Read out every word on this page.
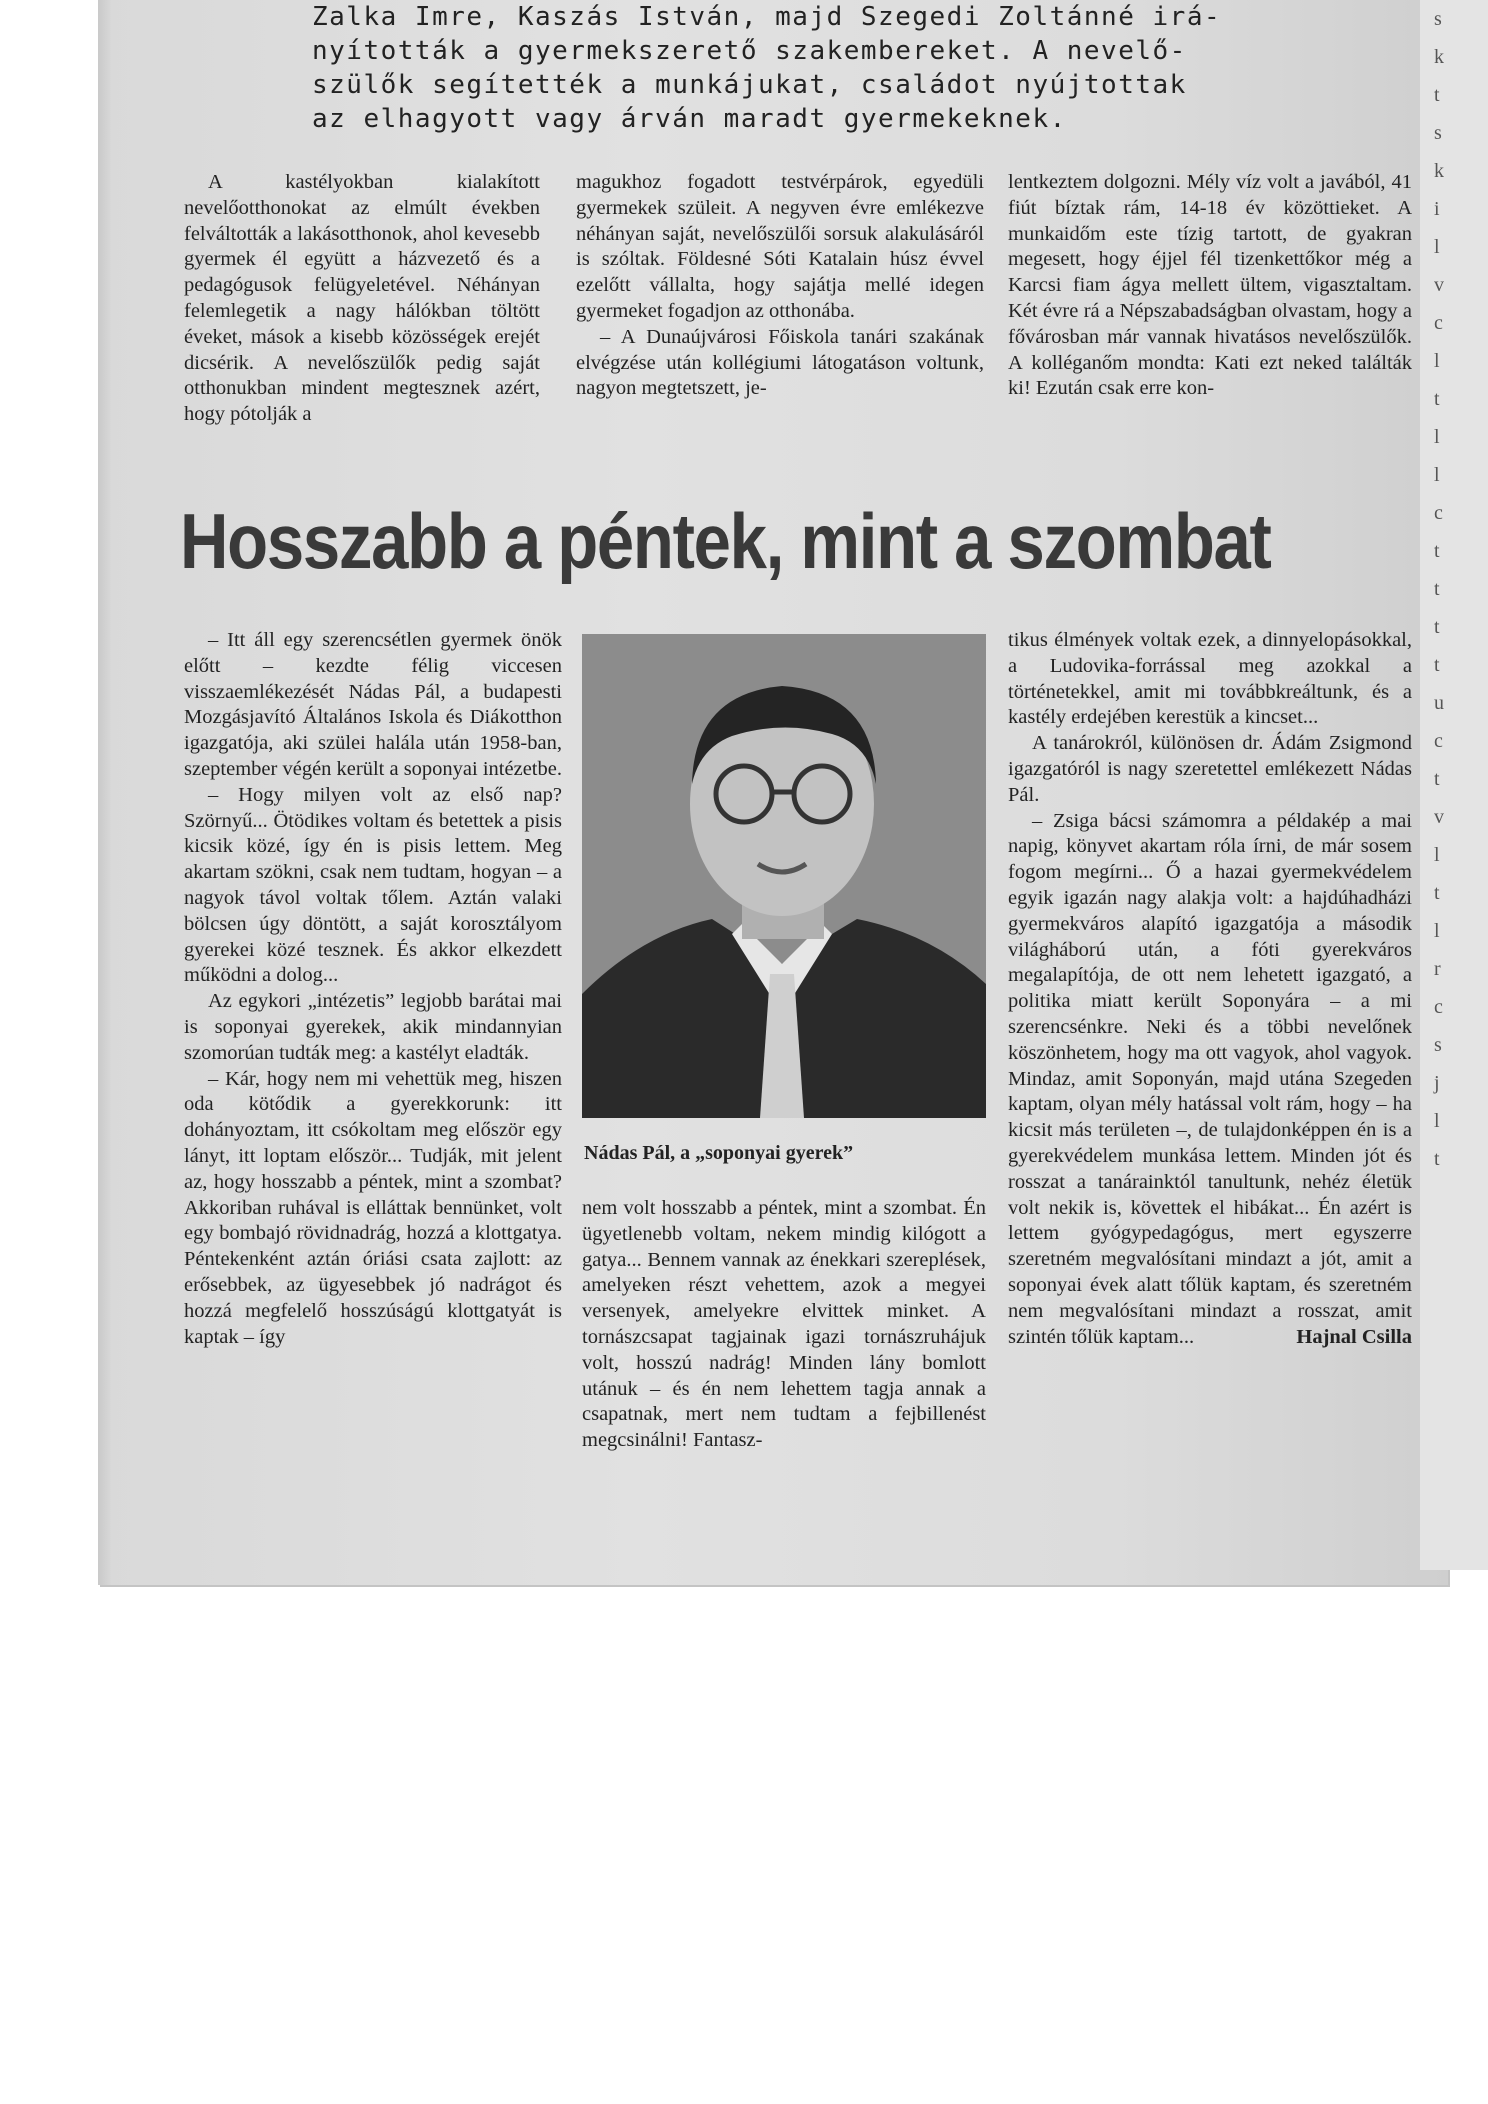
s
k
t
s
k
i
l
v
c
l
t
l
l
c
t
t
t
t
u
c
t
v
l
t
l
r
c
s
j
l
t
Zalka Imre, Kaszás István, majd Szegedi Zoltánné irá-
nyították a gyermekszerető szakembereket. A nevelő-
szülők segítették a munkájukat, családot nyújtottak
az elhagyott vagy árván maradt gyermekeknek.

A kastélyokban kialakított nevelőotthonokat az elmúlt években felváltották a lakásotthonok, ahol kevesebb gyermek él együtt a házvezető és a pedagógusok felügyeletével. Néhányan felemlegetik a nagy hálókban töltött éveket, mások a kisebb közösségek erejét dicsérik. A nevelőszülők pedig saját otthonukban mindent megtesznek azért, hogy pótolják a

magukhoz fogadott testvérpárok, egyedüli gyermekek szüleit. A negyven évre emlékezve néhányan saját, nevelőszülői sorsuk alakulásáról is szóltak. Földesné Sóti Katalain húsz évvel ezelőtt vállalta, hogy sajátja mellé idegen gyermeket fogadjon az otthonába.

– A Dunaújvárosi Főiskola tanári szakának elvégzése után kollégiumi látogatáson voltunk, nagyon megtetszett, je-

lentkeztem dolgozni. Mély víz volt a javából, 41 fiút bíztak rám, 14-18 év közöttieket. A munkaidőm este tízig tartott, de gyakran megesett, hogy éjjel fél tizenkettőkor még a Karcsi fiam ágya mellett ültem, vigasztaltam. Két évre rá a Népszabadságban olvastam, hogy a fővárosban már vannak hivatásos nevelőszülők. A kolléganőm mondta: Kati ezt neked találták ki! Ezután csak erre kon-

Hosszabb a péntek, mint a szombat

– Itt áll egy szerencsétlen gyermek önök előtt – kezdte félig viccesen visszaemlékezését Nádas Pál, a budapesti Mozgásjavító Általános Iskola és Diákotthon igazgatója, aki szülei halála után 1958-ban, szeptember végén került a soponyai intézetbe.

– Hogy milyen volt az első nap? Szörnyű... Ötödikes voltam és betettek a pisis kicsik közé, így én is pisis lettem. Meg akartam szökni, csak nem tudtam, hogyan – a nagyok távol voltak tőlem. Aztán valaki bölcsen úgy döntött, a saját korosztályom gyerekei közé tesznek. És akkor elkezdett működni a dolog...

Az egykori „intézetis” legjobb barátai mai is soponyai gyerekek, akik mindannyian szomorúan tudták meg: a kastélyt eladták.

– Kár, hogy nem mi vehettük meg, hiszen oda kötődik a gyerekkorunk: itt dohányoztam, itt csókoltam meg először egy lányt, itt loptam először... Tudják, mit jelent az, hogy hosszabb a péntek, mint a szombat? Akkoriban ruhával is elláttak bennünket, volt egy bombajó rövidnadrág, hozzá a klottgatya. Péntekenként aztán óriási csata zajlott: az erősebbek, az ügyesebbek jó nadrágot és hozzá megfelelő hosszúságú klottgatyát is kaptak – így

Nádas Pál, a „soponyai gyerek”

nem volt hosszabb a péntek, mint a szombat. Én ügyetlenebb voltam, nekem mindig kilógott a gatya... Bennem vannak az énekkari szereplések, amelyeken részt vehettem, azok a megyei versenyek, amelyekre elvittek minket. A tornászcsapat tagjainak igazi tornászruhájuk volt, hosszú nadrág! Minden lány bomlott utánuk – és én nem lehettem tagja annak a csapatnak, mert nem tudtam a fejbillenést megcsinálni! Fantasz-

tikus élmények voltak ezek, a dinnyelopásokkal, a Ludovika-forrással meg azokkal a történetekkel, amit mi továbbkreáltunk, és a kastély erdejében kerestük a kincset...

A tanárokról, különösen dr. Ádám Zsigmond igazgatóról is nagy szeretettel emlékezett Nádas Pál.

– Zsiga bácsi számomra a példakép a mai napig, könyvet akartam róla írni, de már sosem fogom megírni... Ő a hazai gyermekvédelem egyik igazán nagy alakja volt: a hajdúhadházi gyermekváros alapító igazgatója a második világháború után, a fóti gyerekváros megalapítója, de ott nem lehetett igazgató, a politika miatt került Soponyára – a mi szerencsénkre. Neki és a többi nevelőnek köszönhetem, hogy ma ott vagyok, ahol vagyok. Mindaz, amit Soponyán, majd utána Szegeden kaptam, olyan mély hatással volt rám, hogy – ha kicsit más területen –, de tulajdonképpen én is a gyerekvédelem munkása lettem. Minden jót és rosszat a tanárainktól tanultunk, nehéz életük volt nekik is, követtek el hibákat... Én azért is lettem gyógypedagógus, mert egyszerre szeretném megvalósítani mindazt a jót, amit a soponyai évek alatt tőlük kaptam, és szeretném nem megvalósítani mindazt a rosszat, amit szintén tőlük kaptam...	Hajnal Csilla
